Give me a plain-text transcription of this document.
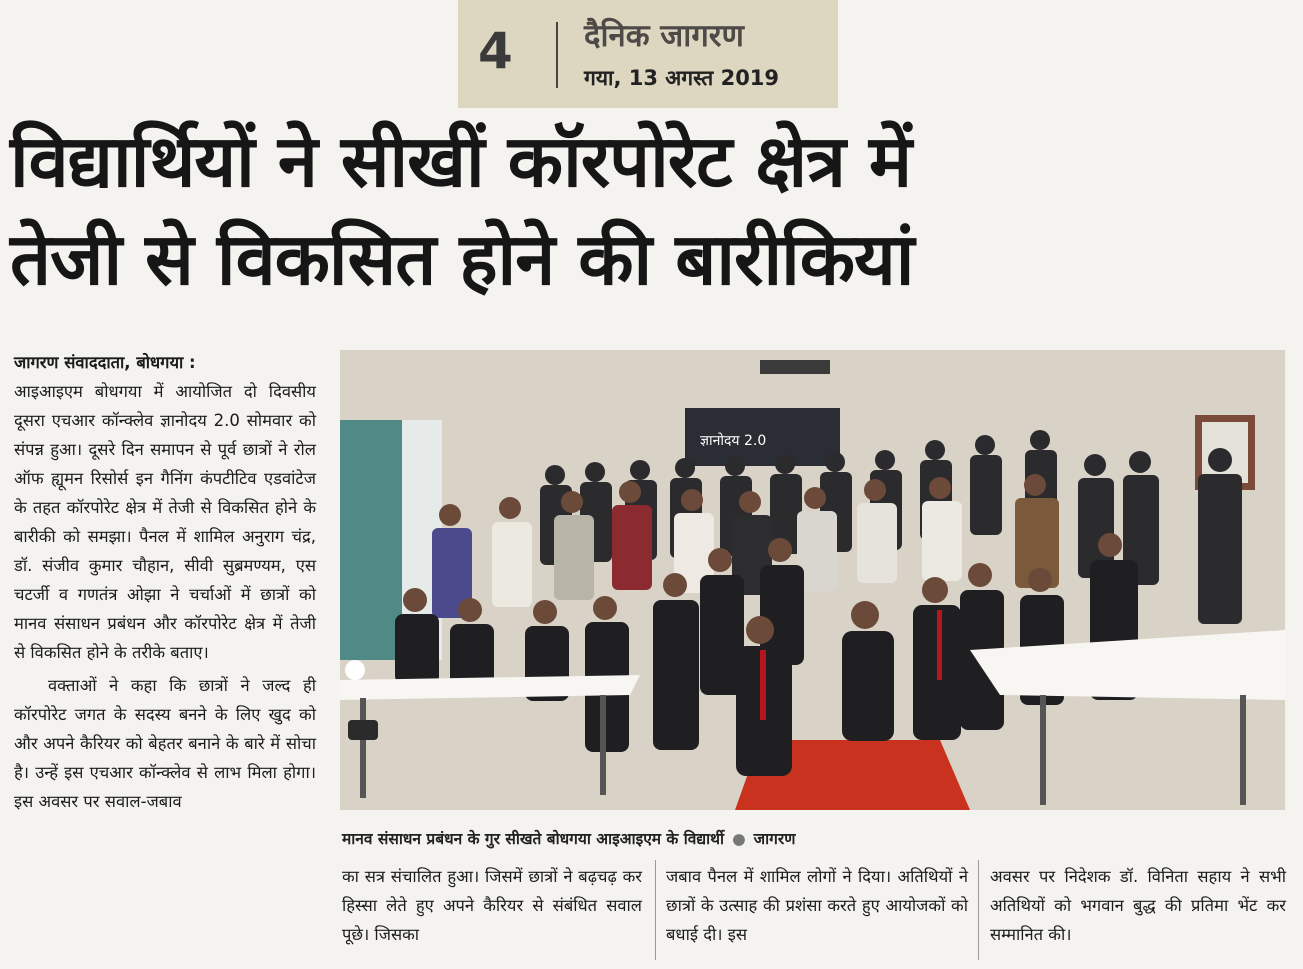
4 दैनिक जागरण
गया, 13 अगस्त 2019
विद्यार्थियों ने सीखीं कॉरपोरेट क्षेत्र में
तेजी से विकसित होने की बारीकियां

जागरण संवाददाता, बोधगया :

आइआइएम बोधगया में आयोजित दो दिवसीय दूसरा एचआर कॉन्क्लेव ज्ञानोदय 2.0 सोमवार को संपन्न हुआ। दूसरे दिन समापन से पूर्व छात्रों ने रोल ऑफ ह्यूमन रिसोर्स इन गैनिंग कंपटीटिव एडवांटेज के तहत कॉरपोरेट क्षेत्र में तेजी से विकसित होने के बारीकी को समझा। पैनल में शामिल अनुराग चंद्र, डॉ. संजीव कुमार चौहान, सीवी सुब्रमण्यम, एस चटर्जी व गणतंत्र ओझा ने चर्चाओं में छात्रों को मानव संसाधन प्रबंधन और कॉरपोरेट क्षेत्र में तेजी से विकसित होने के तरीके बताए।

वक्ताओं ने कहा कि छात्रों ने जल्द ही कॉरपोरेट जगत के सदस्य बनने के लिए खुद को और अपने कैरियर को बेहतर बनाने के बारे में सोचा है। उन्हें इस एचआर कॉन्क्लेव से लाभ मिला होगा। इस अवसर पर सवाल-जबाव

ज्ञानोदय 2.0
मानव संसाधन प्रबंधन के गुर सीखते बोधगया आइआइएम के विद्यार्थी ● जागरण

का सत्र संचालित हुआ। जिसमें छात्रों ने बढ़चढ़ कर हिस्सा लेते हुए अपने कैरियर से संबंधित सवाल पूछे। जिसका

जबाव पैनल में शामिल लोगों ने दिया। अतिथियों ने छात्रों के उत्साह की प्रशंसा करते हुए आयोजकों को बधाई दी। इस

अवसर पर निदेशक डॉ. विनिता सहाय ने सभी अतिथियों को भगवान बुद्ध की प्रतिमा भेंट कर सम्मानित की।
